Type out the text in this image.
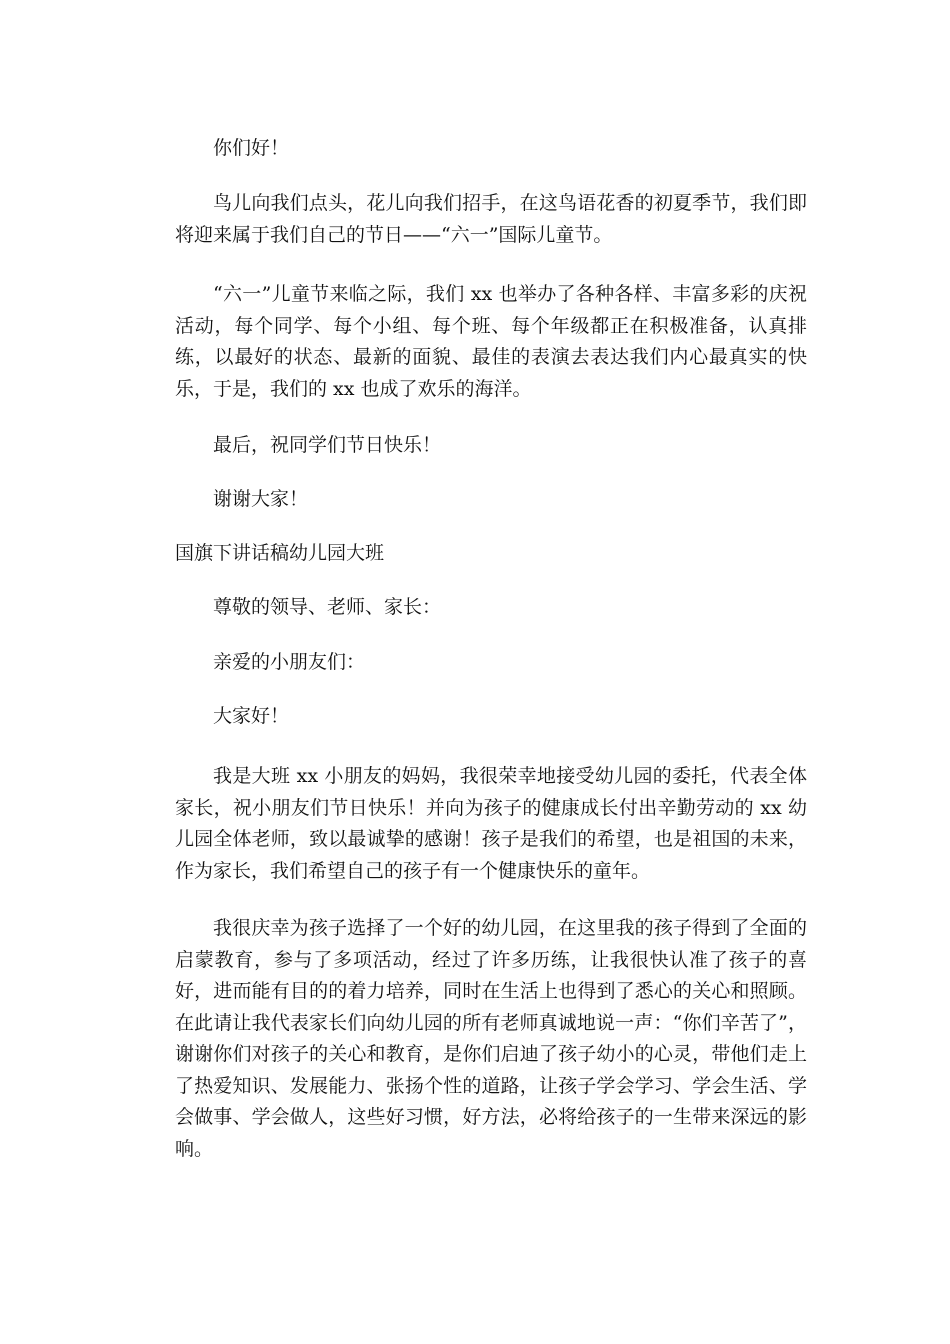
你们好！
鸟儿向我们点头，花儿向我们招手，在这鸟语花香的初夏季节，我们即将迎来属于我们自己的节日——“六一”国际儿童节。
“六一”儿童节来临之际，我们 xx 也举办了各种各样、丰富多彩的庆祝活动，每个同学、每个小组、每个班、每个年级都正在积极准备，认真排练，以最好的状态、最新的面貌、最佳的表演去表达我们内心最真实的快乐，于是，我们的 xx 也成了欢乐的海洋。
最后，祝同学们节日快乐！
谢谢大家！
国旗下讲话稿幼儿园大班
尊敬的领导、老师、家长：
亲爱的小朋友们：
大家好！
我是大班 xx 小朋友的妈妈，我很荣幸地接受幼儿园的委托，代表全体家长，祝小朋友们节日快乐！并向为孩子的健康成长付出辛勤劳动的 xx 幼儿园全体老师，致以最诚挚的感谢！孩子是我们的希望，也是祖国的未来，作为家长，我们希望自己的孩子有一个健康快乐的童年。
我很庆幸为孩子选择了一个好的幼儿园，在这里我的孩子得到了全面的启蒙教育，参与了多项活动，经过了许多历练，让我很快认准了孩子的喜好，进而能有目的的着力培养，同时在生活上也得到了悉心的关心和照顾。在此请让我代表家长们向幼儿园的所有老师真诚地说一声：“你们辛苦了”，谢谢你们对孩子的关心和教育，是你们启迪了孩子幼小的心灵，带他们走上了热爱知识、发展能力、张扬个性的道路，让孩子学会学习、学会生活、学会做事、学会做人，这些好习惯，好方法，必将给孩子的一生带来深远的影响。
